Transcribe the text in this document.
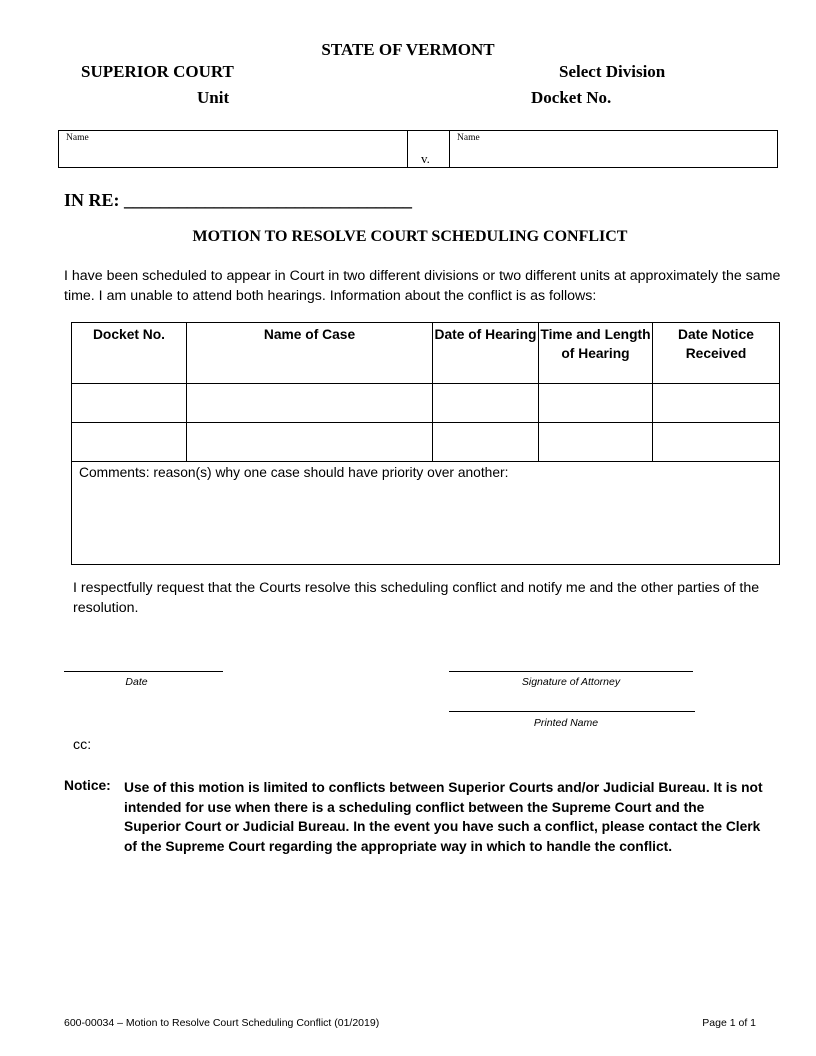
STATE OF VERMONT
SUPERIOR COURT
Unit
Select Division
Docket No.
Name
v.
Name
IN RE: ________________________________
MOTION TO RESOLVE COURT SCHEDULING CONFLICT
I have been scheduled to appear in Court in two different divisions or two different units at approximately the same time. I am unable to attend both hearings. Information about the conflict is as follows:
Docket No.	Name of Case	Date of Hearing	Time and Length of Hearing	Date Notice Received

Comments: reason(s) why one case should have priority over another:				
I respectfully request that the Courts resolve this scheduling conflict and notify me and the other parties of the resolution.
Date	Signature of Attorney
Printed Name
cc:
Notice: Use of this motion is limited to conflicts between Superior Courts and/or Judicial Bureau. It is not intended for use when there is a scheduling conflict between the Supreme Court and the Superior Court or Judicial Bureau. In the event you have such a conflict, please contact the Clerk of the Supreme Court regarding the appropriate way in which to handle the conflict.
600-00034 – Motion to Resolve Court Scheduling Conflict (01/2019)	Page 1 of 1
